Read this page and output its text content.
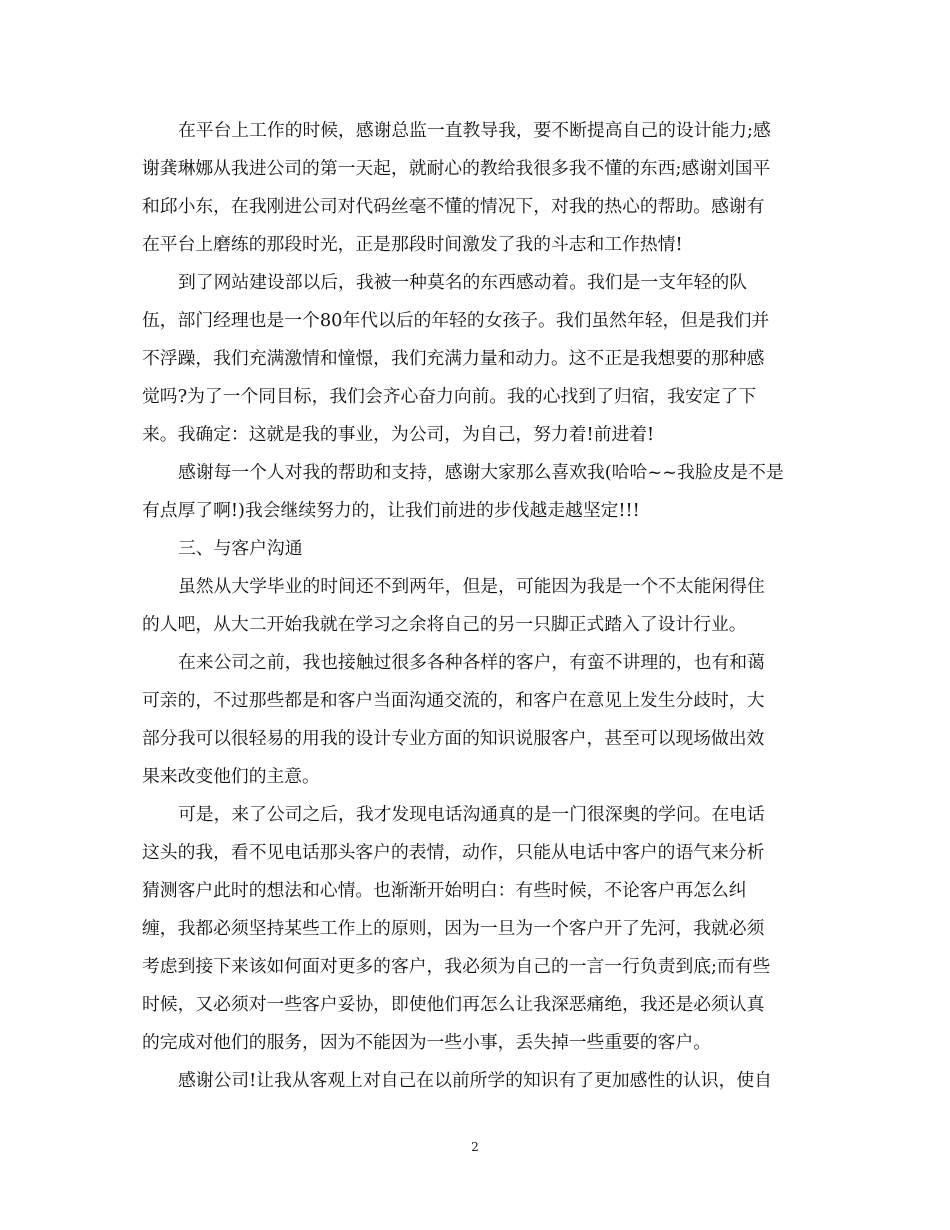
在平台上工作的时候，感谢总监一直教导我，要不断提高自己的设计能力;感
谢龚琳娜从我进公司的第一天起，就耐心的教给我很多我不懂的东西;感谢刘国平
和邱小东，在我刚进公司对代码丝毫不懂的情况下，对我的热心的帮助。感谢有
在平台上磨练的那段时光，正是那段时间激发了我的斗志和工作热情!
到了网站建设部以后，我被一种莫名的东西感动着。我们是一支年轻的队
伍，部门经理也是一个80年代以后的年轻的女孩子。我们虽然年轻，但是我们并
不浮躁，我们充满激情和憧憬，我们充满力量和动力。这不正是我想要的那种感
觉吗?为了一个同目标，我们会齐心奋力向前。我的心找到了归宿，我安定了下
来。我确定：这就是我的事业，为公司，为自己，努力着!前进着!
感谢每一个人对我的帮助和支持，感谢大家那么喜欢我(哈哈~~我脸皮是不是
有点厚了啊!)我会继续努力的，让我们前进的步伐越走越坚定!!!
三、与客户沟通
虽然从大学毕业的时间还不到两年，但是，可能因为我是一个不太能闲得住
的人吧，从大二开始我就在学习之余将自己的另一只脚正式踏入了设计行业。
在来公司之前，我也接触过很多各种各样的客户，有蛮不讲理的，也有和蔼
可亲的，不过那些都是和客户当面沟通交流的，和客户在意见上发生分歧时，大
部分我可以很轻易的用我的设计专业方面的知识说服客户，甚至可以现场做出效
果来改变他们的主意。
可是，来了公司之后，我才发现电话沟通真的是一门很深奥的学问。在电话
这头的我，看不见电话那头客户的表情，动作，只能从电话中客户的语气来分析
猜测客户此时的想法和心情。也渐渐开始明白：有些时候，不论客户再怎么纠
缠，我都必须坚持某些工作上的原则，因为一旦为一个客户开了先河，我就必须
考虑到接下来该如何面对更多的客户，我必须为自己的一言一行负责到底;而有些
时候，又必须对一些客户妥协，即使他们再怎么让我深恶痛绝，我还是必须认真
的完成对他们的服务，因为不能因为一些小事，丢失掉一些重要的客户。
感谢公司!让我从客观上对自己在以前所学的知识有了更加感性的认识，使自
2
